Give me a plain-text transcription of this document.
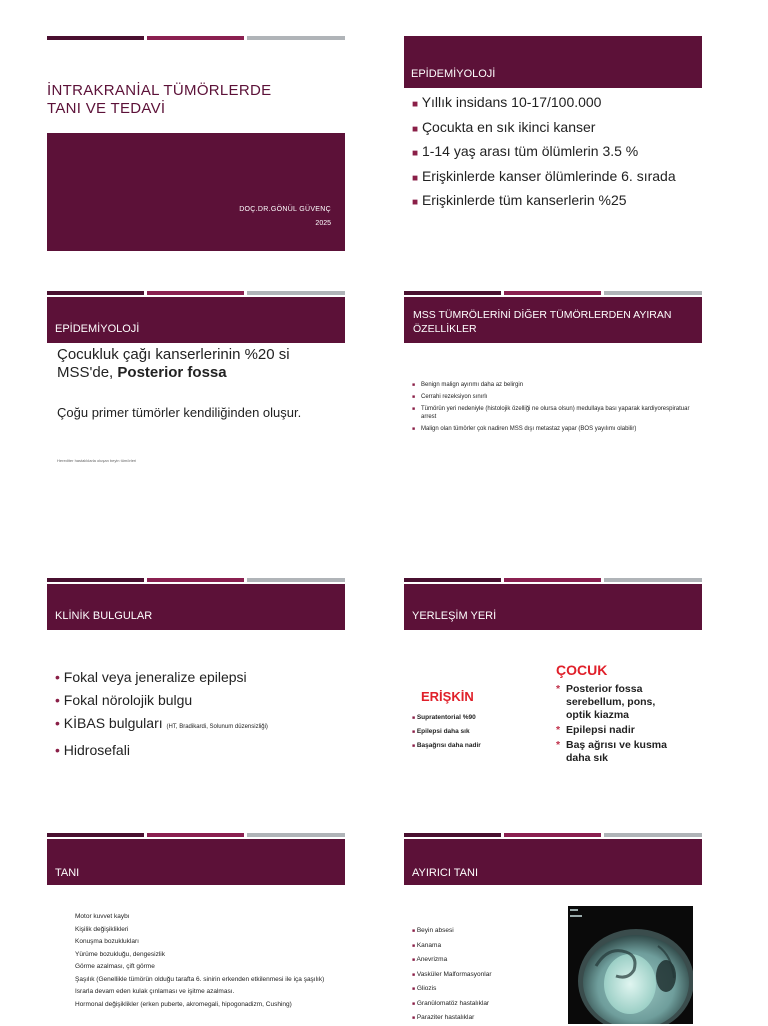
İNTRAKRANİAL TÜMÖRLERDE TANI VE TEDAVİ
DOÇ.DR.GÖNÜL GÜVENÇ
2025
EPİDEMİYOLOJİ
■ Yıllık insidans 10-17/100.000
■ Çocukta en sık ikinci kanser
■ 1-14 yaş arası tüm ölümlerin 3.5 %
■ Erişkinlerde kanser ölümlerinde 6. sırada
■ Erişkinlerde tüm kanserlerin %25
EPİDEMİYOLOJİ
Çocukluk çağı kanserlerinin %20 si MSS'de, Posterior fossa
Çoğu primer tümörler kendiliğinden oluşur.
Herediter hastalıklarla oluşan beyin tümörleri
MSS TÜMRÖLERİNİ DİĞER TÜMÖRLERDEN AYIRAN ÖZELLİKLER
■ Benign malign ayırımı daha az belirgin
■ Cerrahi rezeksiyon sınırlı
■ Tümörün yeri nedeniyle (histolojik özelliği ne olursa olsun) medullaya bası yaparak kardiyorespiratuar arrest
■ Malign olan tümörler çok nadiren MSS dışı metastaz yapar (BOS yayılımı olabilir)
KLİNİK BULGULAR
• Fokal veya jeneralize epilepsi
• Fokal nörolojik bulgu
• KİBAS bulguları (HT, Bradikardi, Solunum düzensizliği)
• Hidrosefali
YERLEŞİM YERİ
ERİŞKİN
■ Supratentorial %90
■ Epilepsi daha sık
■ Başağrısı daha nadir
ÇOCUK
* Posterior fossa serebellum, pons, optik kiazma
* Epilepsi nadir
* Baş ağrısı ve kusma daha sık
TANI
Motor kuvvet kaybı
Kişilik değişiklikleri
Konuşma bozuklukları
Yürüme bozukluğu, dengesizlik
Görme azalması, çift görme
Şaşılık (Genellikle tümörün olduğu tarafta 6. sinirin erkenden etkilenmesi ile iça şaşılık)
Israrla devam eden kulak çınlaması ve işitme azalması.
Hormonal değişiklikler (erken puberte, akromegali, hipogonadizm, Cushing)
AYIRICI TANI
■ Beyin absesi
■ Kanama
■ Anevrizma
■ Vasküler Malformasyonlar
■ Gliozis
■ Granülomatöz hastalıklar
■ Paraziter hastalıklar
